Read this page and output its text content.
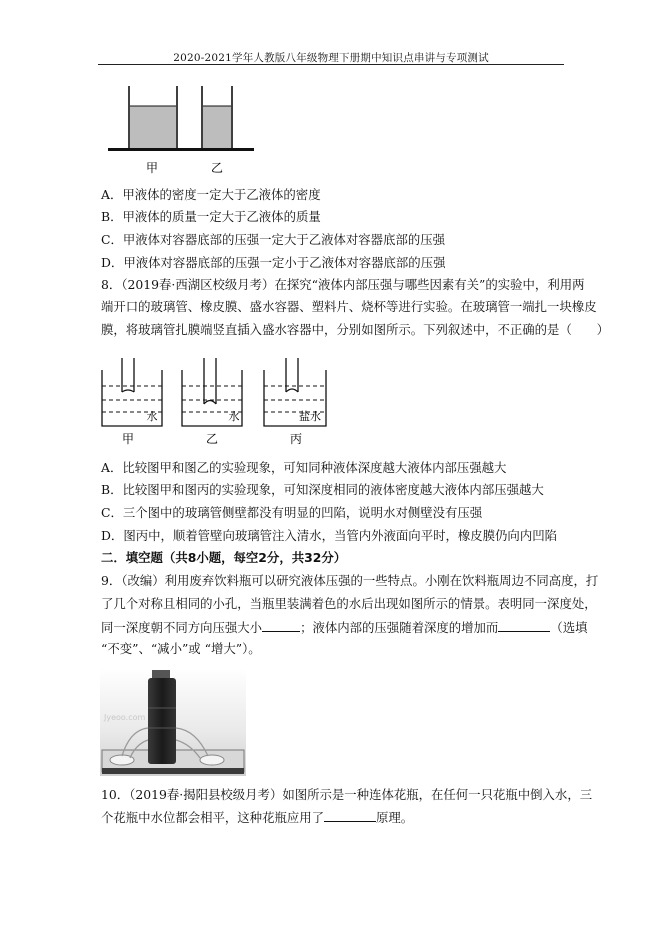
2020-2021学年人教版八年级物理下册期中知识点串讲与专项测试
甲	乙
A．甲液体的密度一定大于乙液体的密度
B．甲液体的质量一定大于乙液体的质量
C．甲液体对容器底部的压强一定大于乙液体对容器底部的压强
D．甲液体对容器底部的压强一定小于乙液体对容器底部的压强
8．（2019春·西湖区校级月考）在探究“液体内部压强与哪些因素有关”的实验中，利用两
端开口的玻璃管、橡皮膜、盛水容器、塑料片、烧杯等进行实验。在玻璃管一端扎一块橡皮
膜，将玻璃管扎膜端竖直插入盛水容器中，分别如图所示。下列叙述中，不正确的是（　　）
水
甲
水
乙
盐水
丙
A．比较图甲和图乙的实验现象，可知同种液体深度越大液体内部压强越大
B．比较图甲和图丙的实验现象，可知深度相同的液体密度越大液体内部压强越大
C．三个图中的玻璃管侧壁都没有明显的凹陷，说明水对侧壁没有压强
D．图丙中，顺着管壁向玻璃管注入清水，当管内外液面向平时，橡皮膜仍向内凹陷
二．填空题（共8小题，每空2分，共32分）
9．（改编）利用废弃饮料瓶可以研究液体压强的一些特点。小刚在饮料瓶周边不同高度，打
了几个对称且相同的小孔，当瓶里装满着色的水后出现如图所示的情景。表明同一深度处，
同一深度朝不同方向压强大小	；液体内部的压强随着深度的增加而	（选填
“不变”、“减小”或 “增大”）。
Jyeoo.com
10．（2019春·揭阳县校级月考）如图所示是一种连体花瓶，在任何一只花瓶中倒入水，三
个花瓶中水位都会相平，这种花瓶应用了	原理。
